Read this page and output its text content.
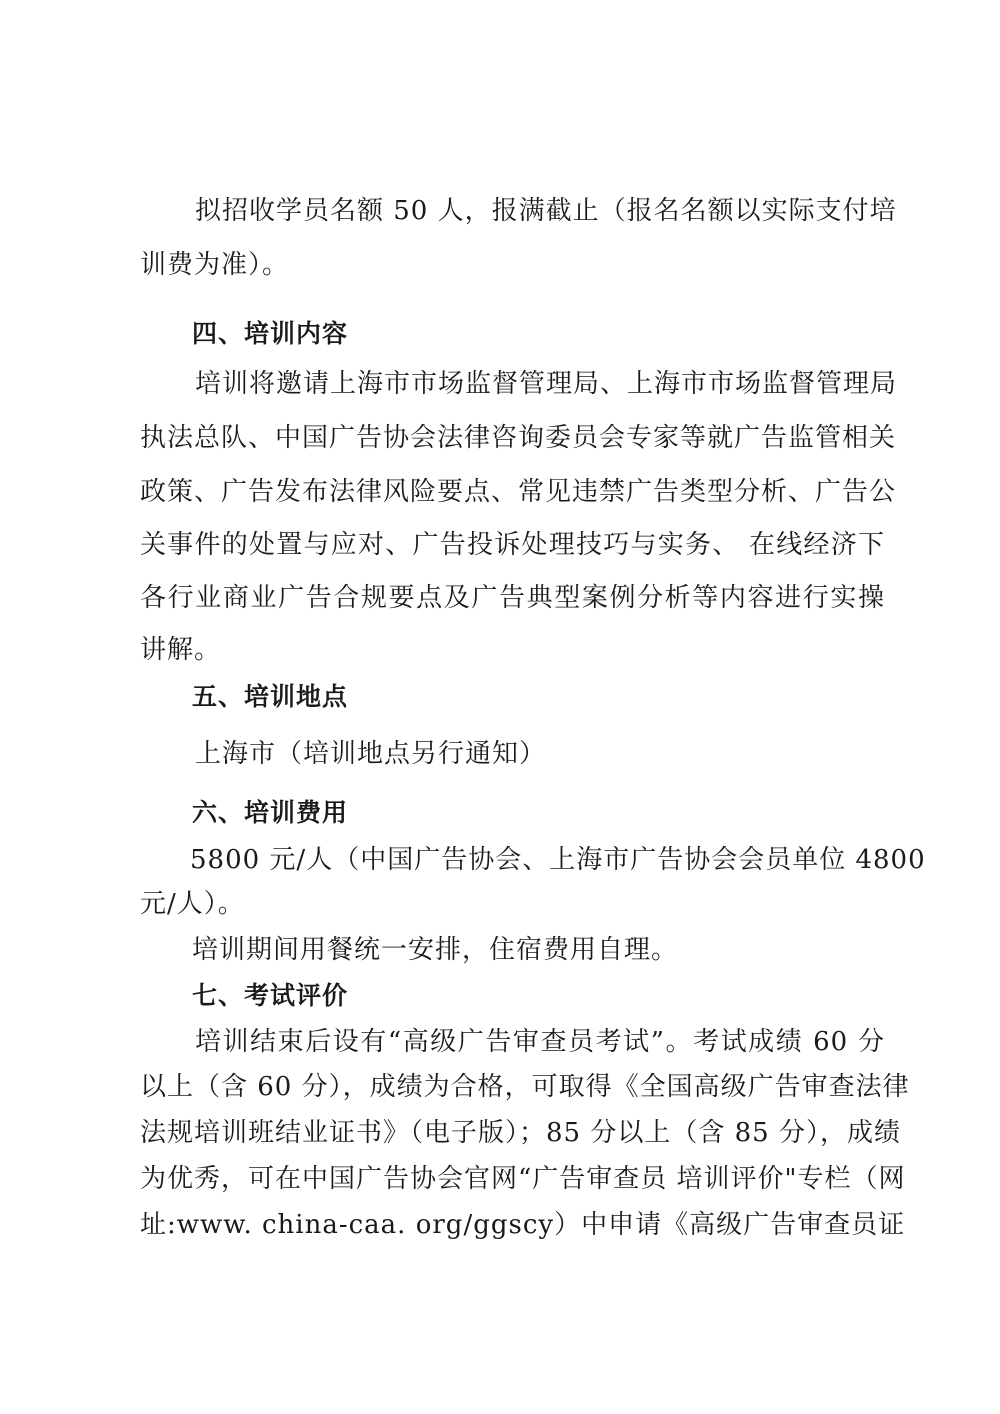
拟招收学员名额 50 人，报满截止（报名名额以实际支付培
训费为准）。
四、培训内容
培训将邀请上海市市场监督管理局、上海市市场监督管理局
执法总队、中国广告协会法律咨询委员会专家等就广告监管相关
政策、广告发布法律风险要点、常见违禁广告类型分析、广告公
关事件的处置与应对、广告投诉处理技巧与实务、 在线经济下
各行业商业广告合规要点及广告典型案例分析等内容进行实操
讲解。
五、培训地点
上海市（培训地点另行通知）
六、培训费用
5800 元/人（中国广告协会、上海市广告协会会员单位 4800
元/人）。
培训期间用餐统一安排，住宿费用自理。
七、考试评价
培训结束后设有“高级广告审查员考试”。考试成绩 60 分
以上（含 60 分），成绩为合格，可取得《全国高级广告审查法律
法规培训班结业证书》（电子版）；85 分以上（含 85 分），成绩
为优秀，可在中国广告协会官网“广告审查员 培训评价"专栏（网
址:www. china-caa. org/ggscy）中申请《高级广告审查员证
